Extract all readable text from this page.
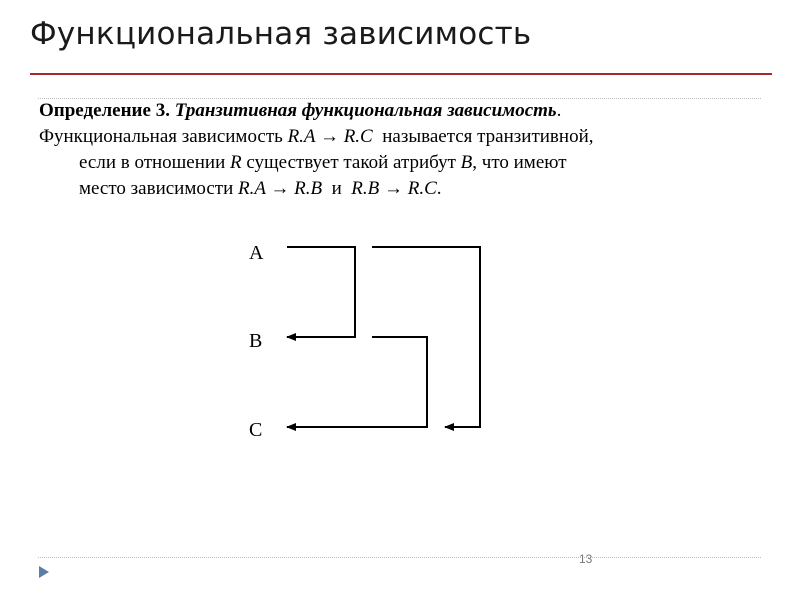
Функциональная зависимость
Определение 3. Транзитивная функциональная зависимость.
Функциональная зависимость R.A → R.C  называется транзитивной,
если в отношении R существует такой атрибут B, что имеют
место зависимости R.A → R.B  и  R.B → R.C.
A
B
C
13
